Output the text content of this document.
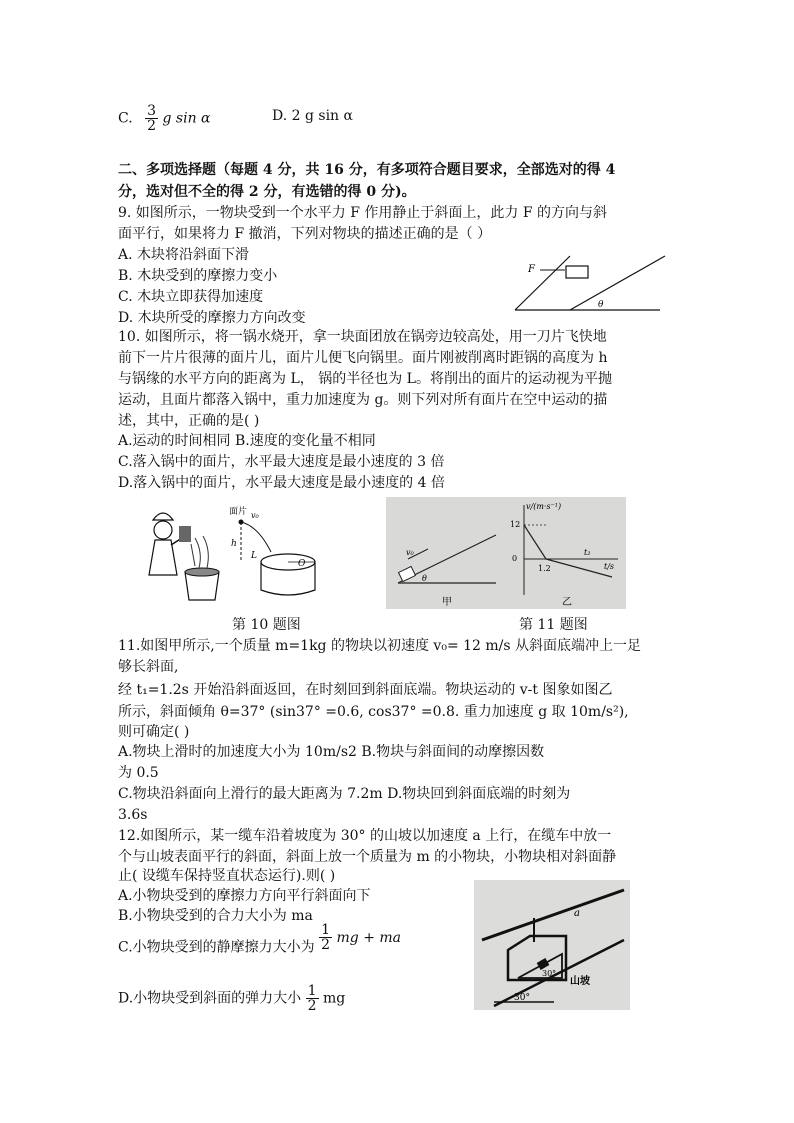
C. $\frac{3}{2}$ g sin α	D. 2 g sin α
二、多项选择题（每题 4 分，共 16 分，有多项符合题目要求，全部选对的得 4
分，选对但不全的得 2 分，有选错的得 0 分)。
9. 如图所示，一物块受到一个水平力 F 作用静止于斜面上，此力 F 的方向与斜
面平行，如果将力 F 撤消，下列对物块的描述正确的是（ ）
A. 木块将沿斜面下滑
B. 木块受到的摩擦力变小
C. 木块立即获得加速度
D. 木块所受的摩擦力方向改变
F
θ
10. 如图所示，将一锅水烧开，拿一块面团放在锅旁边较高处，用一刀片飞快地
前下一片片很薄的面片儿，面片儿便飞向锅里。面片刚被削离时距锅的高度为 h
与锅缘的水平方向的距离为 L， 锅的半径也为 L。将削出的面片的运动视为平抛
运动，且面片都落入锅中，重力加速度为 g。则下列对所有面片在空中运动的描
述，其中，正确的是( )
A.运动的时间相同 B.速度的变化量不相同
C.落入锅中的面片，水平最大速度是最小速度的 3 倍
D.落入锅中的面片，水平最大速度是最小速度的 4 倍
面片 v₀
h
L
O
v₀
θ
甲
v/(m·s⁻¹)
12
0
1.2
t₂
t/s
乙
第 10 题图	第 11 题图
11.如图甲所示,一个质量 m=1kg 的物块以初速度 v₀= 12 m/s 从斜面底端冲上一足
够长斜面,
经 t₁=1.2s 开始沿斜面返回，在时刻回到斜面底端。物块运动的 v-t 图象如图乙
所示，斜面倾角 θ=37° (sin37° =0.6, cos37° =0.8. 重力加速度 g 取 10m/s²),
则可确定( )
A.物块上滑时的加速度大小为 10m/s2 B.物块与斜面间的动摩擦因数
为 0.5
C.物块沿斜面向上滑行的最大距离为 7.2m D.物块回到斜面底端的时刻为
3.6s
12.如图所示，某一缆车沿着坡度为 30° 的山坡以加速度 a 上行，在缆车中放一
个与山坡表面平行的斜面，斜面上放一个质量为 m 的小物块，小物块相对斜面静
止( 设缆车保持竖直状态运行).则( )
A.小物块受到的摩擦力方向平行斜面向下
B.小物块受到的合力大小为 ma
C.小物块受到的静摩擦力大小为 $\frac{1}{2}$ mg + ma
D.小物块受到斜面的弹力大小 $\frac{1}{2}$ mg
a
30°
30°
山坡
